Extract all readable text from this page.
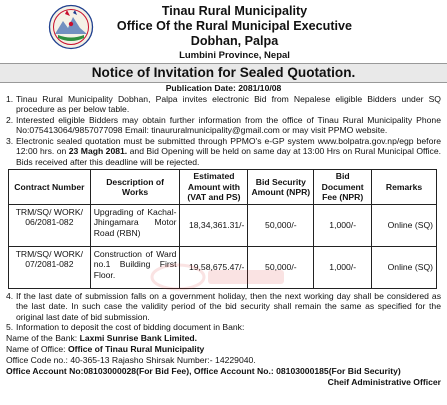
Tinau Rural Municipality
Office Of the Rural Municipal Executive
Dobhan, Palpa
Lumbini Province, Nepal
Notice of Invitation for Sealed Quotation.
Publication Date: 2081/10/08
1. Tinau Rural Municipality Dobhan, Palpa invites electronic Bid from Nepalese eligible Bidders under SQ procedure as per below table.
2. Interested eligible Bidders may obtain further information from the office of Tinau Rural Municipality Phone No:075413064/9857077098 Email: tinaururalmunicipality@gmail.com or may visit PPMO website.
3. Electronic sealed quotation must be submitted through PPMO's e-GP system www.bolpatra.gov.np/egp before 12:00 hrs. on 23 Magh 2081. and Bid Opening will be held on same day at 13:00 Hrs on Rural Municipal Office. Bids received after this deadline will be rejected.
Contract Number	Description of Works	Estimated Amount with (VAT and PS)	Bid Security Amount (NPR)	Bid Document Fee (NPR)	Remarks
TRM/SQ/ WORK/ 06/2081-082	Upgrading of Kachal-Jhingamara Motor Road (RBN)	18,34,361.31/-	50,000/-	1,000/-	Online (SQ)
TRM/SQ/ WORK/ 07/2081-082	Construction of Ward no.1 Building First Floor.	19,58,675.47/-	50,000/-	1,000/-	Online (SQ)
4. If the last date of submission falls on a government holiday, then the next working day shall be considered as the last date. In such case the validity period of the bid security shall remain the same as specified for the original last date of bid submission.
5. Information to deposit the cost of bidding document in Bank:
Name of the Bank: Laxmi Sunrise Bank Limited.
Name of Office: Office of Tinau Rural Municipality
Office Code no.: 40-365-13 Rajasho Shirsak Number:- 14229040.
Office Account No:08103000028(For Bid Fee), Office Account No.: 08103000185(For Bid Security)
Cheif Administrative Officer
